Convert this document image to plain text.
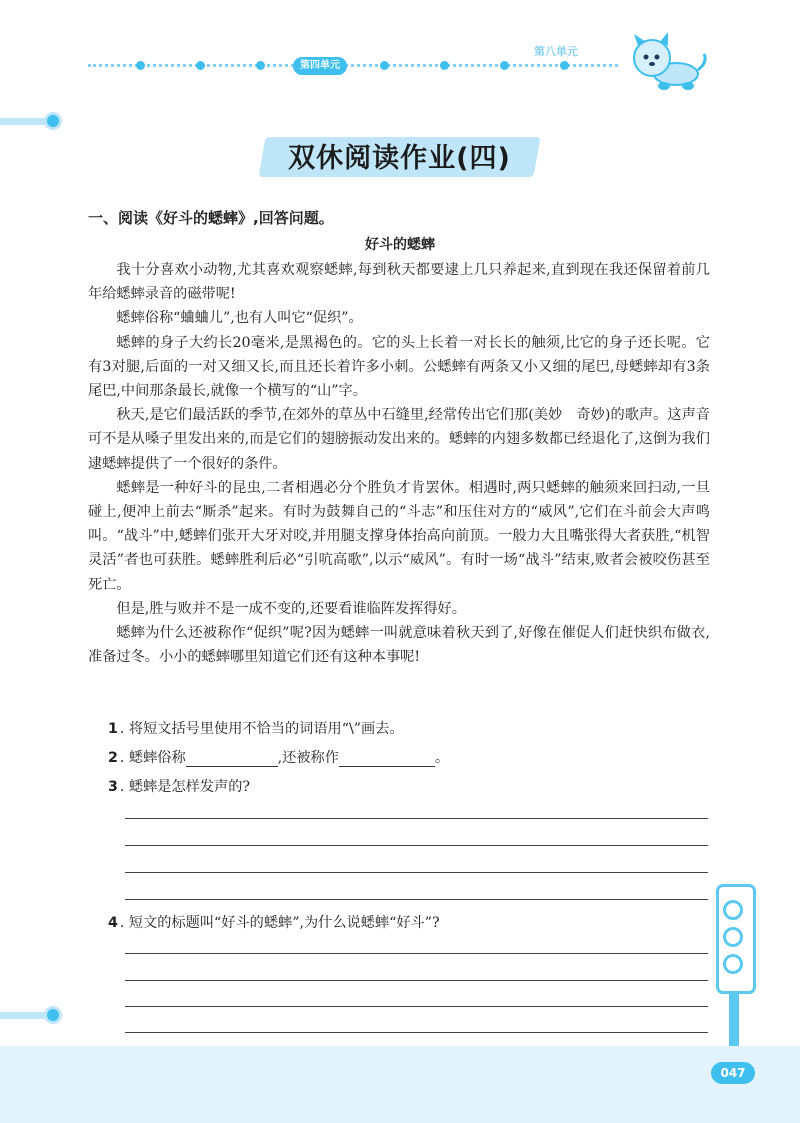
第四单元
第八单元
双休阅读作业(四)
一、阅读《好斗的蟋蟀》,回答问题。
好斗的蟋蟀

我十分喜欢小动物,尤其喜欢观察蟋蟀,每到秋天都要逮上几只养起来,直到现在我还保留着前几年给蟋蟀录音的磁带呢!

蟋蟀俗称“蛐蛐儿”,也有人叫它“促织”。

蟋蟀的身子大约长20毫米,是黑褐色的。它的头上长着一对长长的触须,比它的身子还长呢。它有3对腿,后面的一对又细又长,而且还长着许多小刺。公蟋蟀有两条又小又细的尾巴,母蟋蟀却有3条尾巴,中间那条最长,就像一个横写的“山”字。

秋天,是它们最活跃的季节,在郊外的草丛中石缝里,经常传出它们那(美妙　奇妙)的歌声。这声音可不是从嗓子里发出来的,而是它们的翅膀振动发出来的。蟋蟀的内翅多数都已经退化了,这倒为我们逮蟋蟀提供了一个很好的条件。

蟋蟀是一种好斗的昆虫,二者相遇必分个胜负才肯罢休。相遇时,两只蟋蟀的触须来回扫动,一旦碰上,便冲上前去“厮杀”起来。有时为鼓舞自己的“斗志”和压住对方的“威风”,它们在斗前会大声鸣叫。“战斗”中,蟋蟀们张开大牙对咬,并用腿支撑身体抬高向前顶。一般力大且嘴张得大者获胜,“机智灵活”者也可获胜。蟋蟀胜利后必“引吭高歌”,以示“威风”。有时一场“战斗”结束,败者会被咬伤甚至死亡。

但是,胜与败并不是一成不变的,还要看谁临阵发挥得好。

蟋蟀为什么还被称作“促织”呢?因为蟋蟀一叫就意味着秋天到了,好像在催促人们赶快织布做衣,准备过冬。小小的蟋蟀哪里知道它们还有这种本事呢!

1 . 将短文括号里使用不恰当的词语用“\”画去。
2 . 蟋蟀俗称	,还被称作	。
3 . 蟋蟀是怎样发声的?
4 . 短文的标题叫“好斗的蟋蟀”,为什么说蟋蟀“好斗”?
047
